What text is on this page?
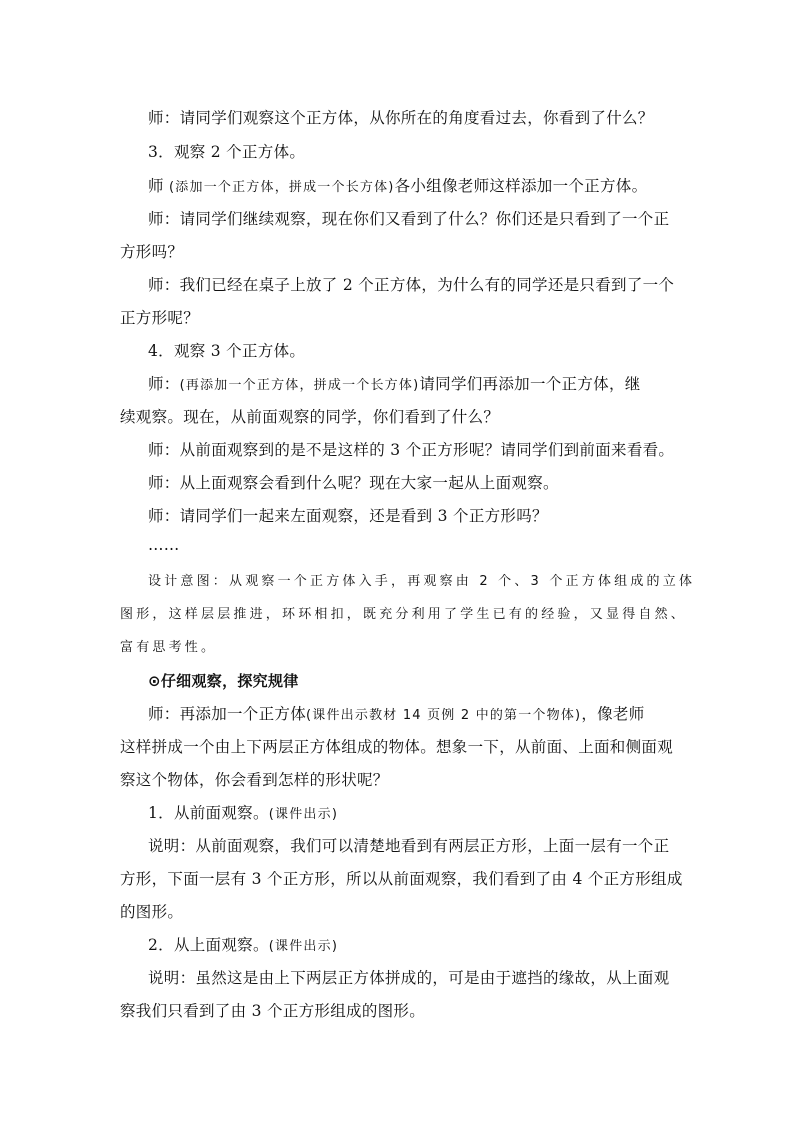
师：请同学们观察这个正方体，从你所在的角度看过去，你看到了什么？
3．观察 2 个正方体。
师 (添加一个正方体，拼成一个长方体)各小组像老师这样添加一个正方体。
师：请同学们继续观察，现在你们又看到了什么？你们还是只看到了一个正
方形吗？
师：我们已经在桌子上放了 2 个正方体，为什么有的同学还是只看到了一个
正方形呢？
4．观察 3 个正方体。
师：(再添加一个正方体，拼成一个长方体)请同学们再添加一个正方体，继
续观察。现在，从前面观察的同学，你们看到了什么？
师：从前面观察到的是不是这样的 3 个正方形呢？请同学们到前面来看看。
师：从上面观察会看到什么呢？现在大家一起从上面观察。
师：请同学们一起来左面观察，还是看到 3 个正方形吗？
……
设计意图：从观察一个正方体入手，再观察由 2 个、3 个正方体组成的立体
图形，这样层层推进，环环相扣，既充分利用了学生已有的经验，又显得自然、
富有思考性。
⊙仔细观察，探究规律
师：再添加一个正方体(课件出示教材 14 页例 2 中的第一个物体)，像老师
这样拼成一个由上下两层正方体组成的物体。想象一下，从前面、上面和侧面观
察这个物体，你会看到怎样的形状呢？
1．从前面观察。(课件出示)
说明：从前面观察，我们可以清楚地看到有两层正方形，上面一层有一个正
方形，下面一层有 3 个正方形，所以从前面观察，我们看到了由 4 个正方形组成
的图形。
2．从上面观察。(课件出示)
说明：虽然这是由上下两层正方体拼成的，可是由于遮挡的缘故，从上面观
察我们只看到了由 3 个正方形组成的图形。
